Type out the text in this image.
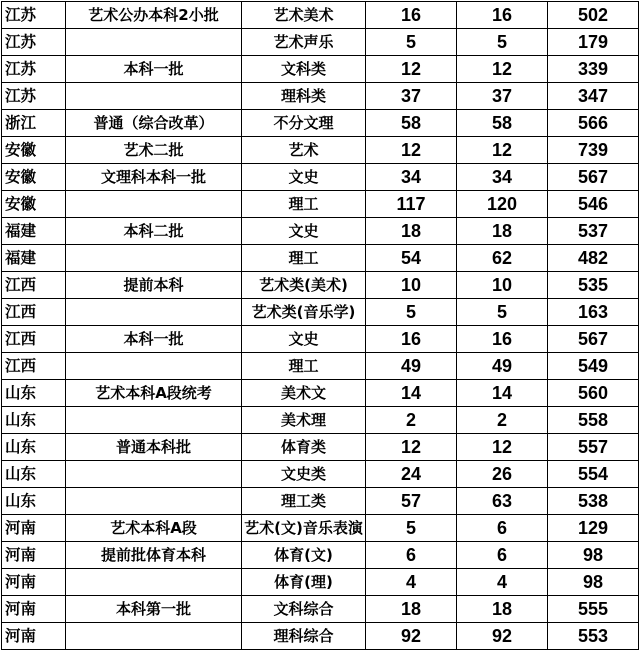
江苏	艺术公办本科2小批	艺术美术	16	16	502
江苏		艺术声乐	5	5	179
江苏	本科一批	文科类	12	12	339
江苏		理科类	37	37	347
浙江	普通（综合改革）	不分文理	58	58	566
安徽	艺术二批	艺术	12	12	739
安徽	文理科本科一批	文史	34	34	567
安徽		理工	117	120	546
福建	本科二批	文史	18	18	537
福建		理工	54	62	482
江西	提前本科	艺术类(美术)	10	10	535
江西		艺术类(音乐学)	5	5	163
江西	本科一批	文史	16	16	567
江西		理工	49	49	549
山东	艺术本科A段统考	美术文	14	14	560
山东		美术理	2	2	558
山东	普通本科批	体育类	12	12	557
山东		文史类	24	26	554
山东		理工类	57	63	538
河南	艺术本科A段	艺术(文)音乐表演	5	6	129
河南	提前批体育本科	体育(文)	6	6	98
河南		体育(理)	4	4	98
河南	本科第一批	文科综合	18	18	555
河南		理科综合	92	92	553
